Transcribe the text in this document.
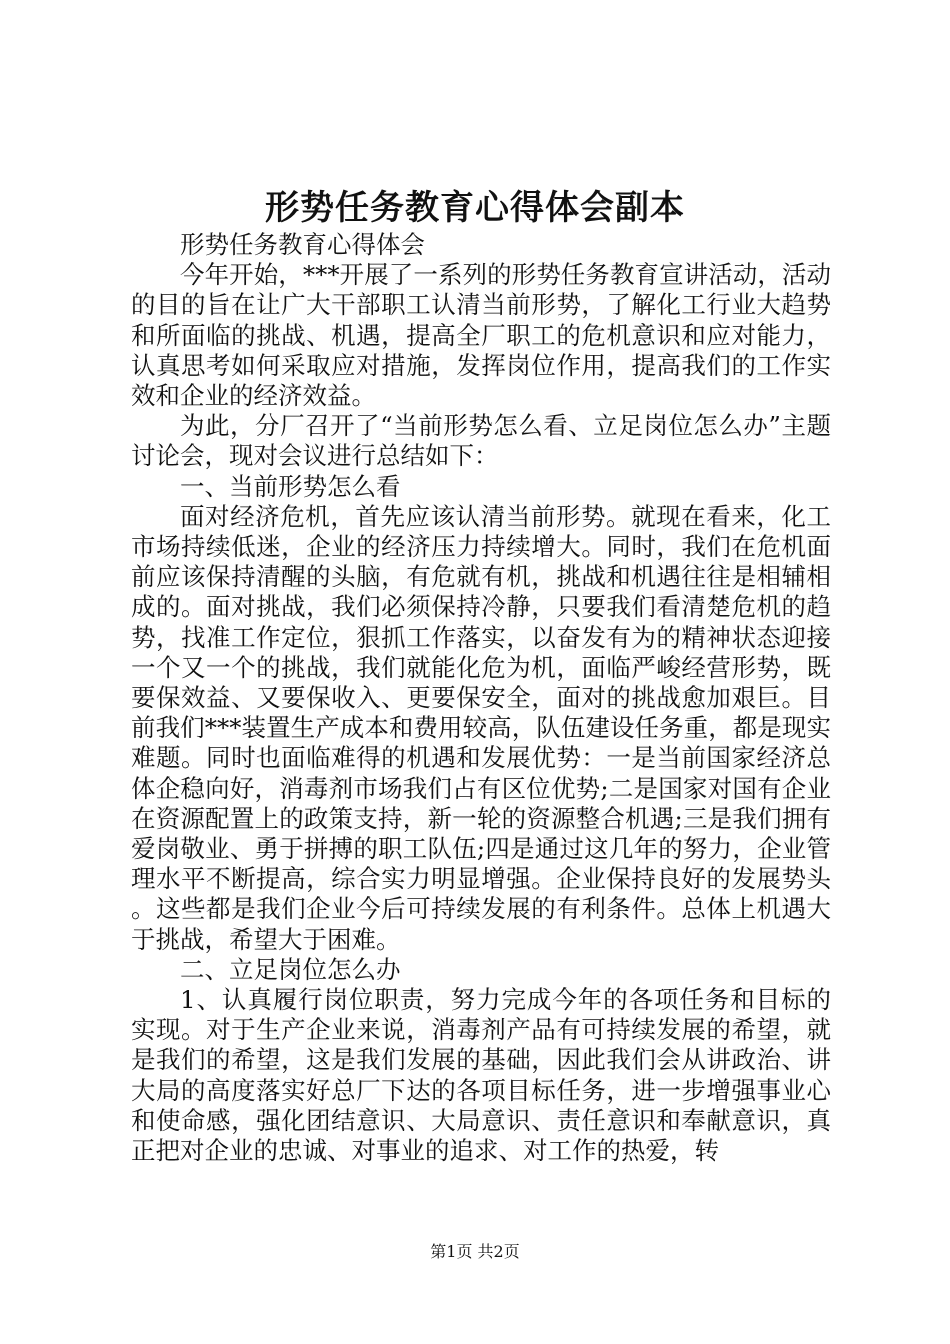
形势任务教育心得体会副本

形势任务教育心得体会

今年开始，***开展了一系列的形势任务教育宣讲活动，活动的目的旨在让广大干部职工认清当前形势，了解化工行业大趋势和所面临的挑战、机遇，提高全厂职工的危机意识和应对能力，认真思考如何采取应对措施，发挥岗位作用，提高我们的工作实效和企业的经济效益。

为此，分厂召开了“当前形势怎么看、立足岗位怎么办”主题讨论会，现对会议进行总结如下：

一、当前形势怎么看

面对经济危机，首先应该认清当前形势。就现在看来，化工市场持续低迷，企业的经济压力持续增大。同时，我们在危机面前应该保持清醒的头脑，有危就有机，挑战和机遇往往是相辅相成的。面对挑战，我们必须保持冷静，只要我们看清楚危机的趋势，找准工作定位，狠抓工作落实，以奋发有为的精神状态迎接一个又一个的挑战，我们就能化危为机，面临严峻经营形势，既要保效益、又要保收入、更要保安全，面对的挑战愈加艰巨。目前我们***装置生产成本和费用较高，队伍建设任务重，都是现实难题。同时也面临难得的机遇和发展优势：一是当前国家经济总体企稳向好，消毒剂市场我们占有区位优势;二是国家对国有企业在资源配置上的政策支持，新一轮的资源整合机遇;三是我们拥有爱岗敬业、勇于拼搏的职工队伍;四是通过这几年的努力，企业管理水平不断提高，综合实力明显增强。企业保持良好的发展势头。这些都是我们企业今后可持续发展的有利条件。总体上机遇大于挑战，希望大于困难。

二、立足岗位怎么办

1、认真履行岗位职责，努力完成今年的各项任务和目标的实现。对于生产企业来说，消毒剂产品有可持续发展的希望，就是我们的希望，这是我们发展的基础，因此我们会从讲政治、讲大局的高度落实好总厂下达的各项目标任务，进一步增强事业心和使命感，强化团结意识、大局意识、责任意识和奉献意识，真正把对企业的忠诚、对事业的追求、对工作的热爱，转

第1页 共2页
